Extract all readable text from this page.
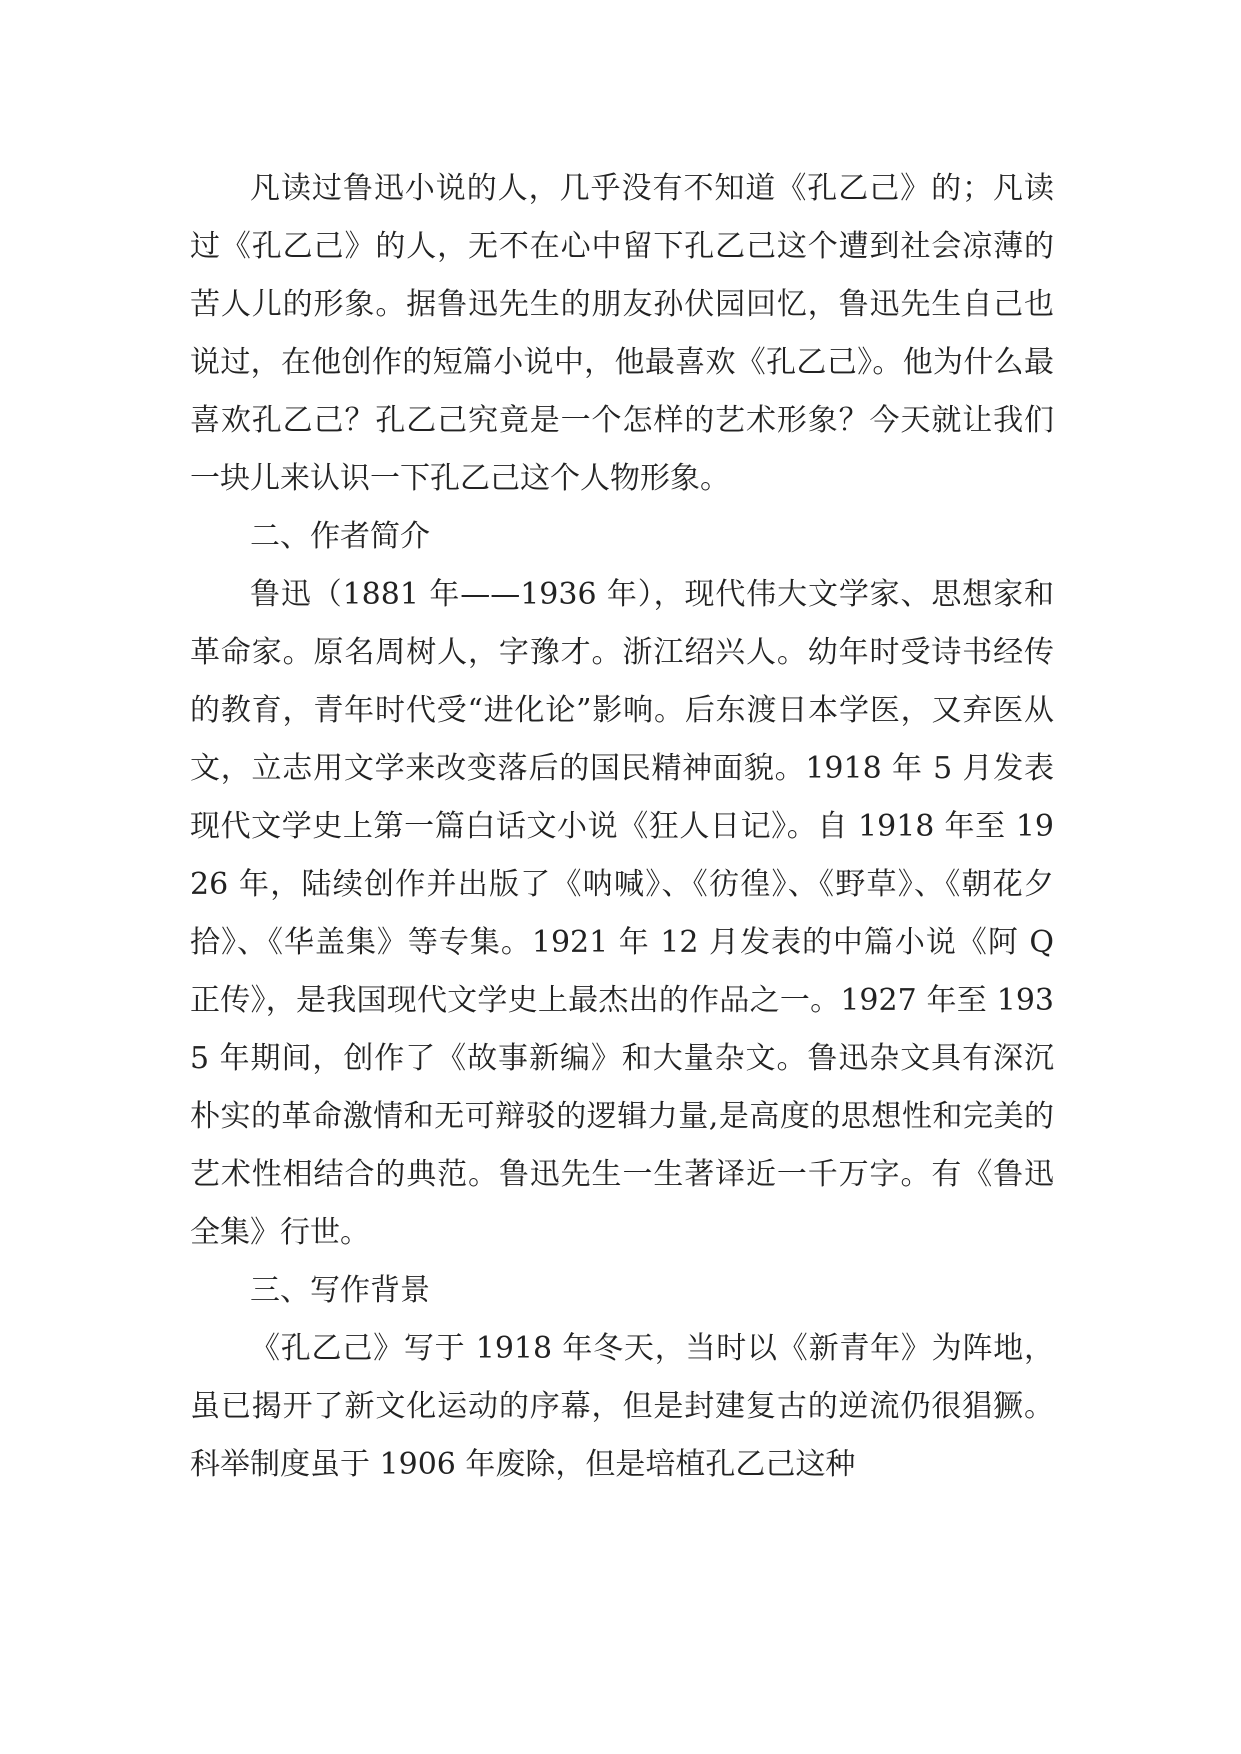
凡读过鲁迅小说的人，几乎没有不知道《孔乙己》的；凡读过《孔乙己》的人，无不在心中留下孔乙己这个遭到社会凉薄的苦人儿的形象。据鲁迅先生的朋友孙伏园回忆，鲁迅先生自己也说过，在他创作的短篇小说中，他最喜欢《孔乙己》。他为什么最喜欢孔乙己？孔乙己究竟是一个怎样的艺术形象？今天就让我们一块儿来认识一下孔乙己这个人物形象。

二、作者简介

鲁迅（1881 年——1936 年），现代伟大文学家、思想家和革命家。原名周树人，字豫才。浙江绍兴人。幼年时受诗书经传的教育，青年时代受“进化论”影响。后东渡日本学医，又弃医从文，立志用文学来改变落后的国民精神面貌。1918 年 5 月发表现代文学史上第一篇白话文小说《狂人日记》。自 1918 年至 1926 年，陆续创作并出版了《呐喊》、《彷徨》、《野草》、《朝花夕拾》、《华盖集》等专集。1921 年 12 月发表的中篇小说《阿 Q 正传》，是我国现代文学史上最杰出的作品之一。1927 年至 1935 年期间，创作了《故事新编》和大量杂文。鲁迅杂文具有深沉朴实的革命激情和无可辩驳的逻辑力量,是高度的思想性和完美的艺术性相结合的典范。鲁迅先生一生著译近一千万字。有《鲁迅全集》行世。

三、写作背景

《孔乙己》写于 1918 年冬天，当时以《新青年》为阵地，虽已揭开了新文化运动的序幕，但是封建复古的逆流仍很猖獗。科举制度虽于 1906 年废除，但是培植孔乙己这种
